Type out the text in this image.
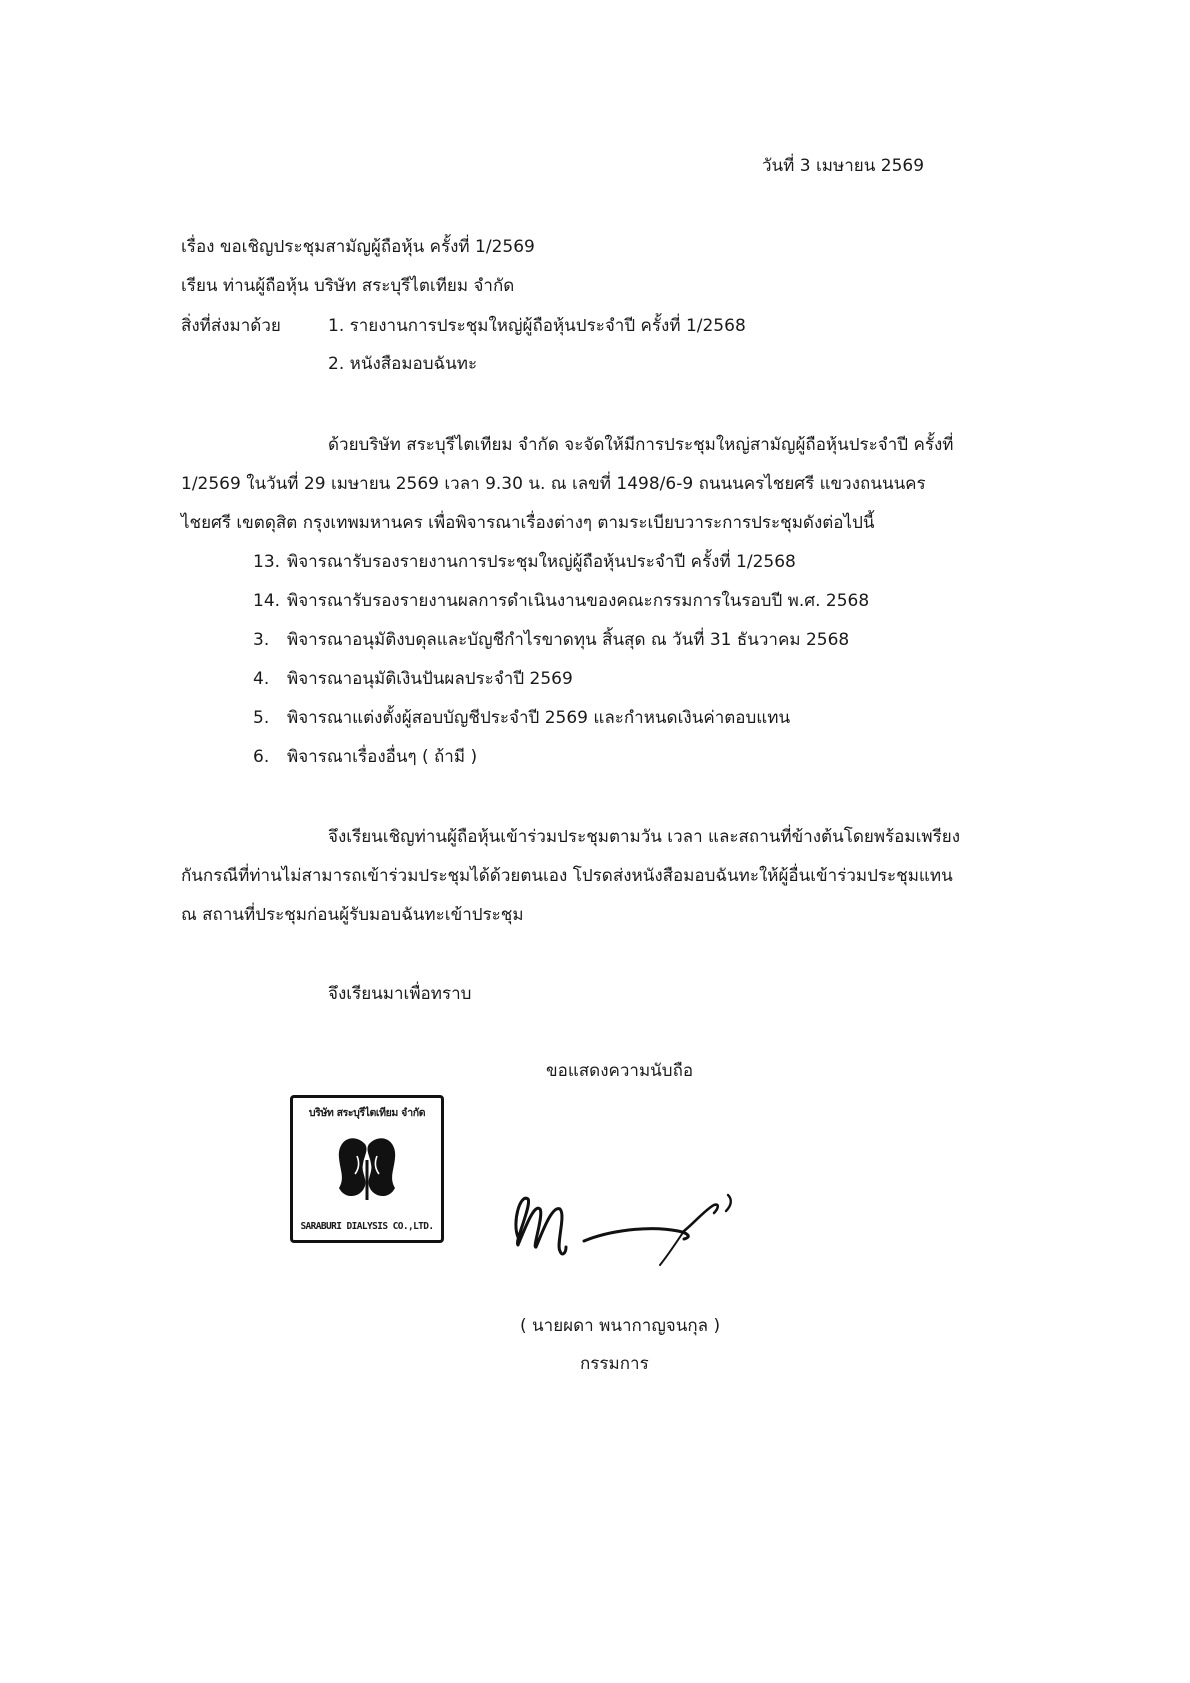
วันที่ 3 เมษายน 2569
เรื่อง ขอเชิญประชุมสามัญผู้ถือหุ้น ครั้งที่ 1/2569
เรียน ท่านผู้ถือหุ้น บริษัท สระบุรีไตเทียม จำกัด
สิ่งที่ส่งมาด้วย	1. รายงานการประชุมใหญ่ผู้ถือหุ้นประจำปี ครั้งที่ 1/2568
2. หนังสือมอบฉันทะ
ด้วยบริษัท สระบุรีไตเทียม จำกัด จะจัดให้มีการประชุมใหญ่สามัญผู้ถือหุ้นประจำปี ครั้งที่
1/2569 ในวันที่ 29 เมษายน 2569 เวลา 9.30 น. ณ เลขที่ 1498/6-9 ถนนนครไชยศรี แขวงถนนนคร
ไชยศรี เขตดุสิต กรุงเทพมหานคร เพื่อพิจารณาเรื่องต่างๆ ตามระเบียบวาระการประชุมดังต่อไปนี้
13. พิจารณารับรองรายงานการประชุมใหญ่ผู้ถือหุ้นประจำปี ครั้งที่ 1/2568
14. พิจารณารับรองรายงานผลการดำเนินงานของคณะกรรมการในรอบปี พ.ศ. 2568
3. พิจารณาอนุมัติงบดุลและบัญชีกำไรขาดทุน สิ้นสุด ณ วันที่ 31 ธันวาคม 2568
4. พิจารณาอนุมัติเงินปันผลประจำปี 2569
5. พิจารณาแต่งตั้งผู้สอบบัญชีประจำปี 2569 และกำหนดเงินค่าตอบแทน
6. พิจารณาเรื่องอื่นๆ ( ถ้ามี )
จึงเรียนเชิญท่านผู้ถือหุ้นเข้าร่วมประชุมตามวัน เวลา และสถานที่ข้างต้นโดยพร้อมเพรียง
กันกรณีที่ท่านไม่สามารถเข้าร่วมประชุมได้ด้วยตนเอง โปรดส่งหนังสือมอบฉันทะให้ผู้อื่นเข้าร่วมประชุมแทน
ณ สถานที่ประชุมก่อนผู้รับมอบฉันทะเข้าประชุม
จึงเรียนมาเพื่อทราบ
ขอแสดงความนับถือ
บริษัท สระบุรีไตเทียม จำกัด
SARABURI DIALYSIS CO.,LTD.
( นายผดา พนากาญจนกุล )
กรรมการ
